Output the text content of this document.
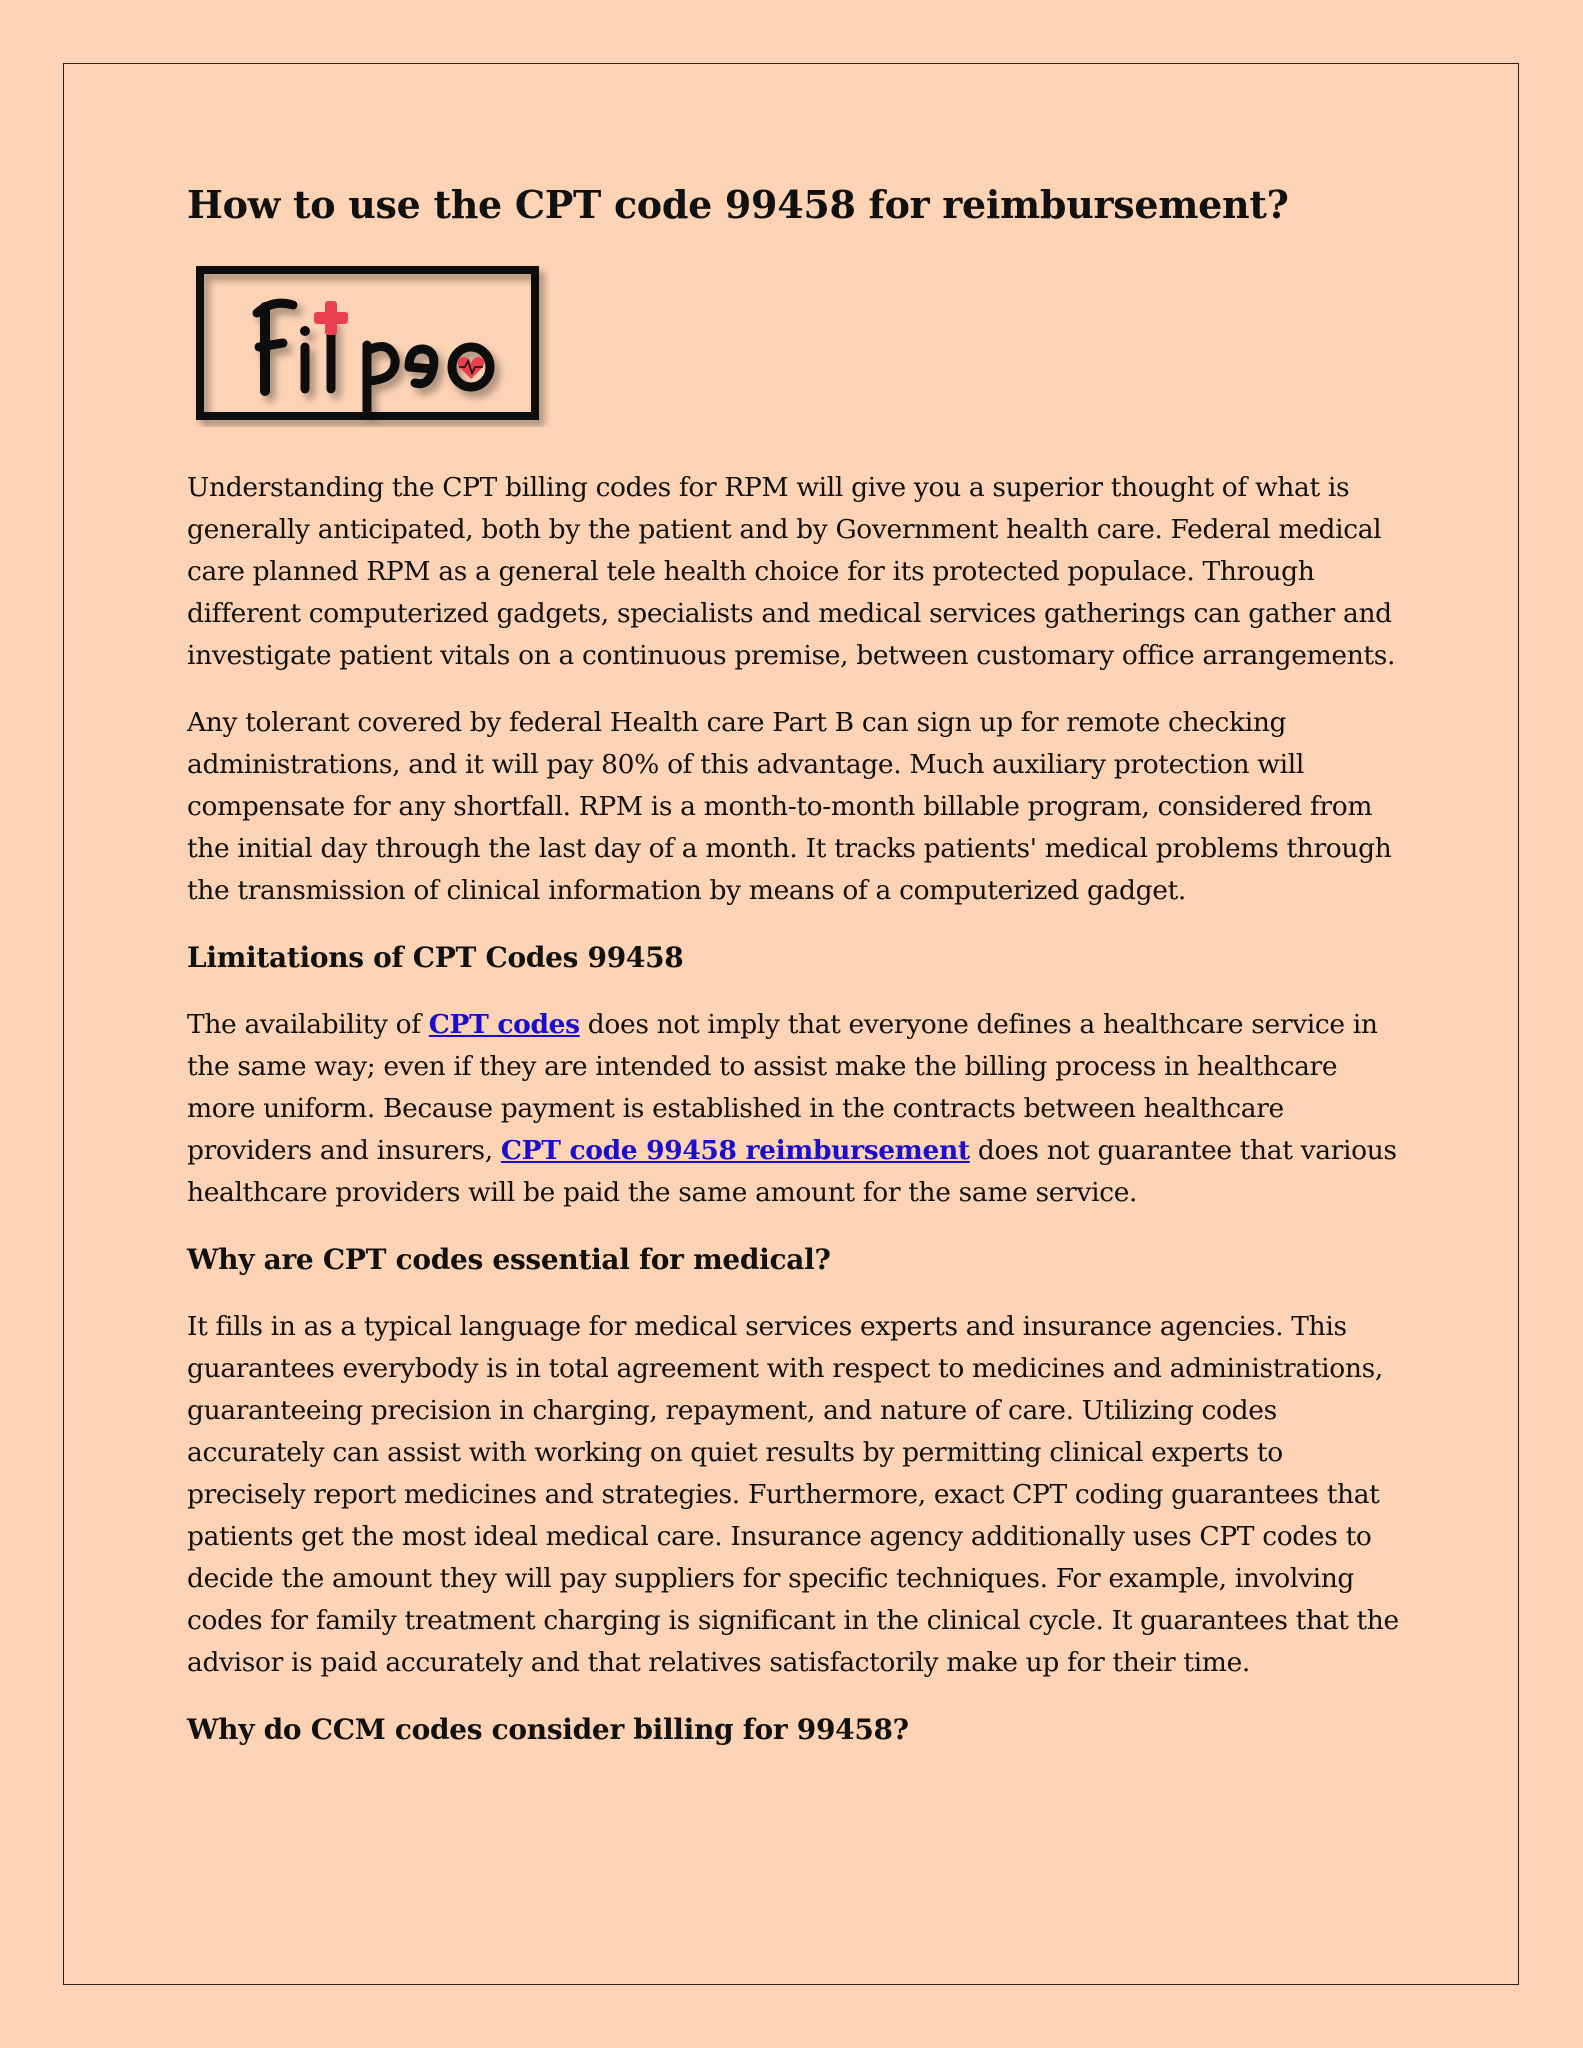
How to use the CPT code 99458 for reimbursement?

Understanding the CPT billing codes for RPM will give you a superior thought of what is generally anticipated, both by the patient and by Government health care. Federal medical care planned RPM as a general tele health choice for its protected populace. Through different computerized gadgets, specialists and medical services gatherings can gather and investigate patient vitals on a continuous premise, between customary office arrangements.

Any tolerant covered by federal Health care Part B can sign up for remote checking administrations, and it will pay 80% of this advantage. Much auxiliary protection will compensate for any shortfall. RPM is a month-to-month billable program, considered from the initial day through the last day of a month. It tracks patients' medical problems through the transmission of clinical information by means of a computerized gadget.

Limitations of CPT Codes 99458

The availability of CPT codes does not imply that everyone defines a healthcare service in the same way; even if they are intended to assist make the billing process in healthcare more uniform. Because payment is established in the contracts between healthcare providers and insurers, CPT code 99458 reimbursement does not guarantee that various healthcare providers will be paid the same amount for the same service.

Why are CPT codes essential for medical?

It fills in as a typical language for medical services experts and insurance agencies. This guarantees everybody is in total agreement with respect to medicines and administrations, guaranteeing precision in charging, repayment, and nature of care. Utilizing codes accurately can assist with working on quiet results by permitting clinical experts to precisely report medicines and strategies. Furthermore, exact CPT coding guarantees that patients get the most ideal medical care. Insurance agency additionally uses CPT codes to decide the amount they will pay suppliers for specific techniques. For example, involving codes for family treatment charging is significant in the clinical cycle. It guarantees that the advisor is paid accurately and that relatives satisfactorily make up for their time.

Why do CCM codes consider billing for 99458?
